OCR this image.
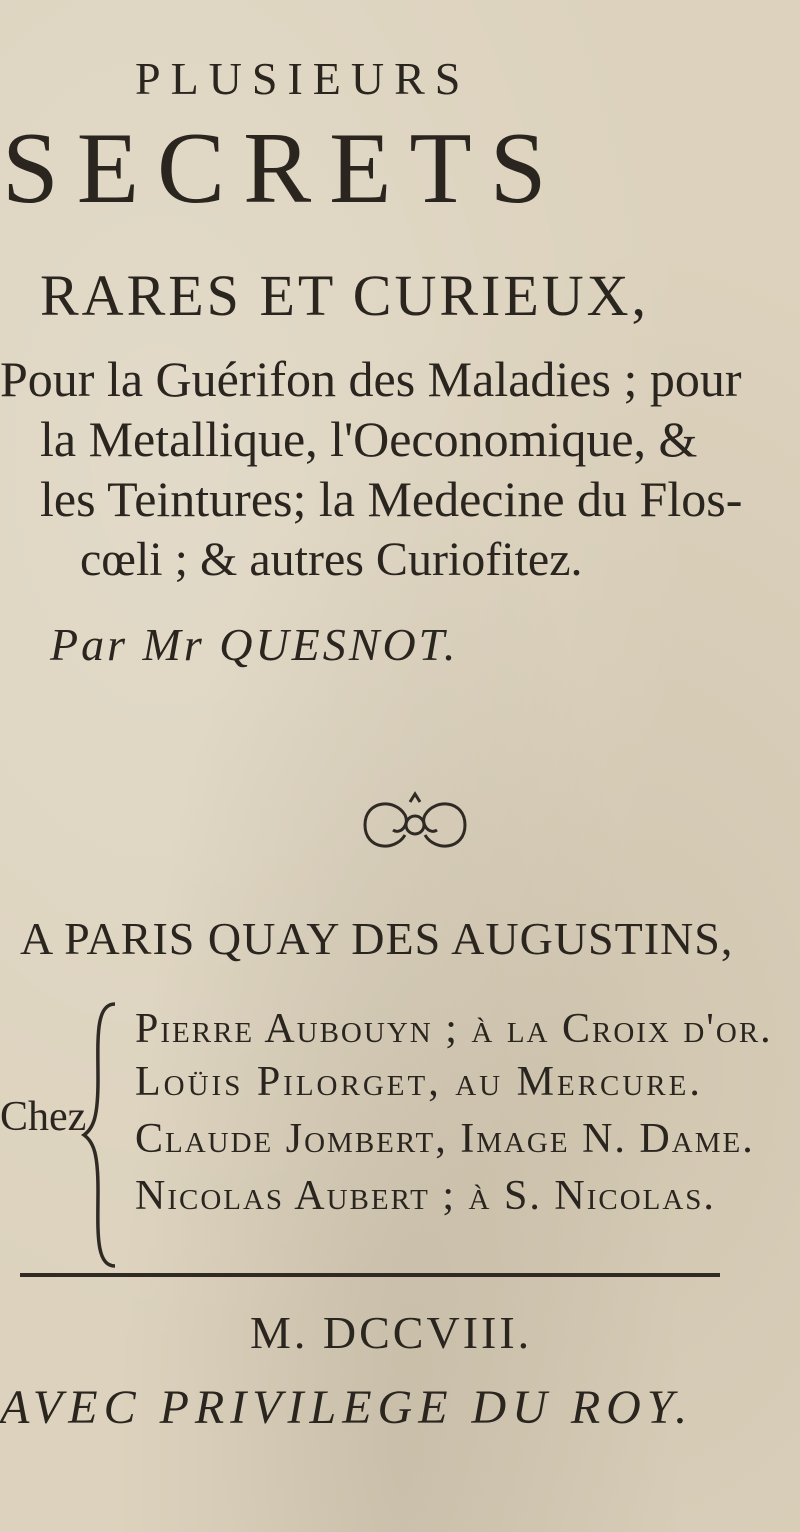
PLUSIEURS
SECRETS
RARES ET CURIEUX,
Pour la Guérifon des Maladies ; pour
la Metallique, l'Oeconomique, &
les Teintures; la Medecine du Flos-
cœli ; & autres Curiofitez.
Par Mr QUESNOT.
A PARIS QUAY DES AUGUSTINS,
Chez
Pierre Aubouyn ; à la Croix d'or.
Loüis Pilorget, au Mercure.
Claude Jombert, Image N. Dame.
Nicolas Aubert ; à S. Nicolas.
M. DCCVIII.
AVEC PRIVILEGE DU ROY.
